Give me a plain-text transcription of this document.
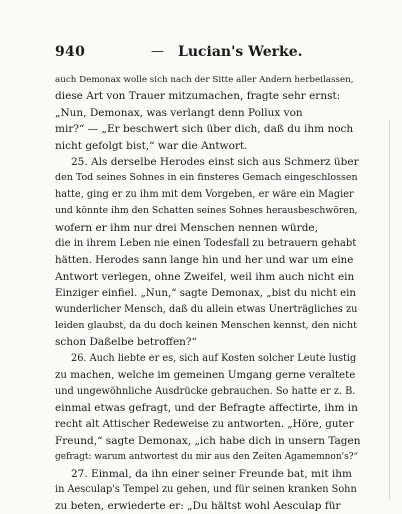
940	— Lucian's Werke.
auch Demonax wolle sich nach der Sitte aller Andern herbeilassen,
diese Art von Trauer mitzumachen, fragte sehr ernst:
„Nun, Demonax, was verlangt denn Pollux von
mir?“ — „Er beschwert sich über dich, daß du ihm noch
nicht gefolgt bist,“ war die Antwort.
25. Als derselbe Herodes einst sich aus Schmerz über
den Tod seines Sohnes in ein finsteres Gemach eingeschlossen
hatte, ging er zu ihm mit dem Vorgeben, er wäre ein Magier
und könnte ihm den Schatten seines Sohnes herausbeschwören,
wofern er ihm nur drei Menschen nennen würde,
die in ihrem Leben nie einen Todesfall zu betrauern gehabt
hätten. Herodes sann lange hin und her und war um eine
Antwort verlegen, ohne Zweifel, weil ihm auch nicht ein
Einziger einfiel. „Nun,“ sagte Demonax, „bist du nicht ein
wunderlicher Mensch, daß du allein etwas Unerträgliches zu
leiden glaubst, da du doch keinen Menschen kennst, den nicht
schon Daßelbe betroffen?“
26. Auch liebte er es, sich auf Kosten solcher Leute lustig
zu machen, welche im gemeinen Umgang gerne veraltete
und ungewöhnliche Ausdrücke gebrauchen. So hatte er z. B.
einmal etwas gefragt, und der Befragte affectirte, ihm in
recht alt Attischer Redeweise zu antworten. „Höre, guter
Freund,“ sagte Demonax, „ich habe dich in unsern Tagen
gefragt: warum antwortest du mir aus den Zeiten Agamemnon's?“
27. Einmal, da ihn einer seiner Freunde bat, mit ihm
in Aesculap's Tempel zu gehen, und für seinen kranken Sohn
zu beten, erwiederte er: „Du hältst wohl Aesculap für
